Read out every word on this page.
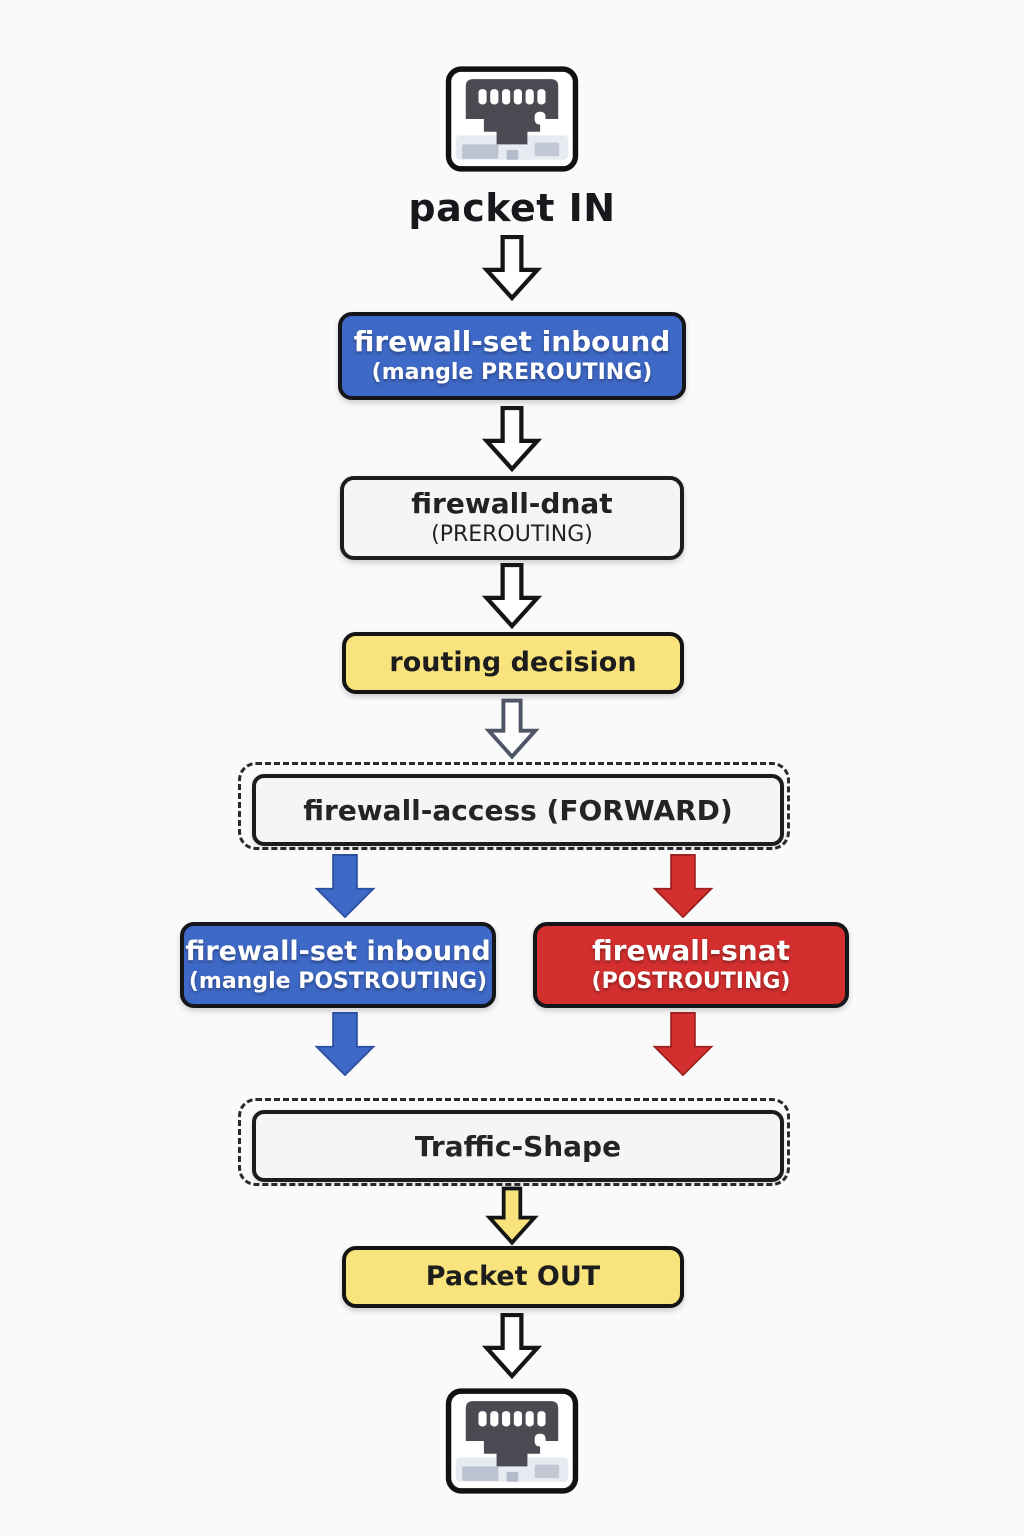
packet IN
firewall-set inbound
(mangle PREROUTING)
firewall-dnat
(PREROUTING)
routing decision
firewall-access (FORWARD)
firewall-set inbound
(mangle POSTROUTING)
firewall-snat
(POSTROUTING)
Traffic-Shape
Packet OUT
